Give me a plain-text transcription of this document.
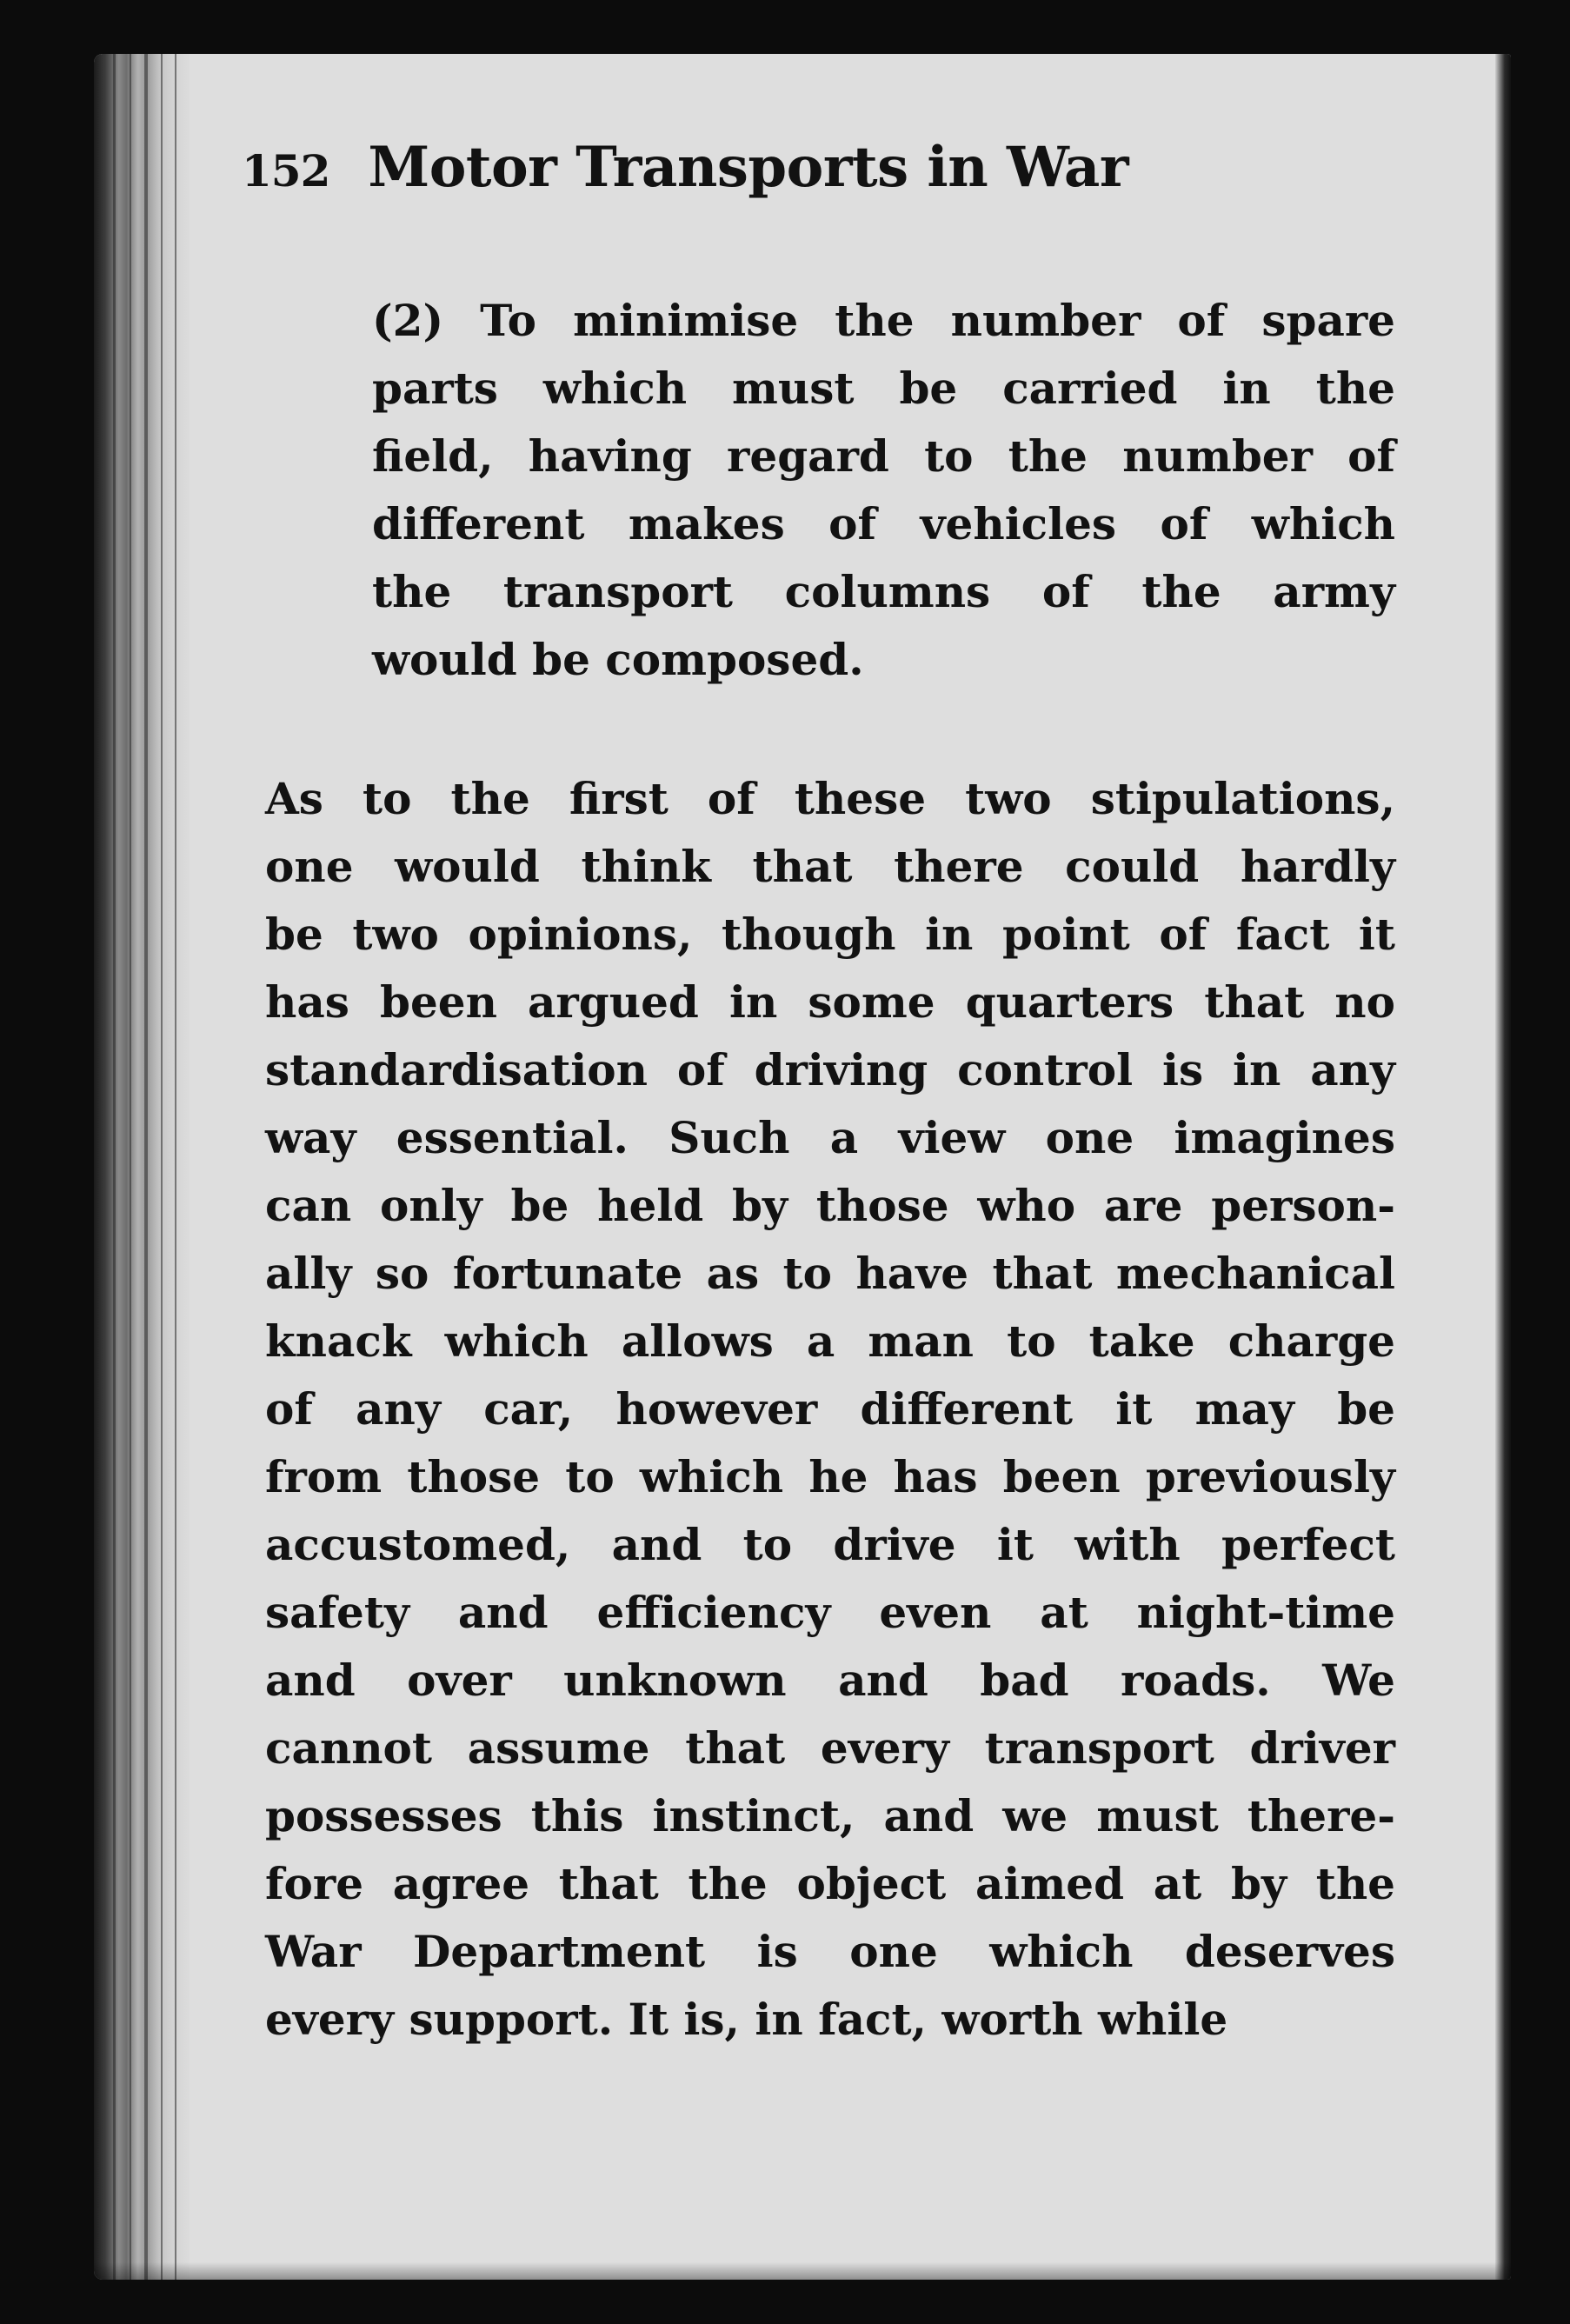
152 Motor Transports in War
(2) To minimise the number of spare
parts which must be carried in the
field, having regard to the number of
different makes of vehicles of which
the transport columns of the army
would be composed.
As to the first of these two stipulations,
one would think that there could hardly
be two opinions, though in point of fact it
has been argued in some quarters that no
standardisation of driving control is in any
way essential. Such a view one imagines
can only be held by those who are person-
ally so fortunate as to have that mechanical
knack which allows a man to take charge
of any car, however different it may be
from those to which he has been previously
accustomed, and to drive it with perfect
safety and efficiency even at night-time
and over unknown and bad roads. We
cannot assume that every transport driver
possesses this instinct, and we must there-
fore agree that the object aimed at by the
War Department is one which deserves
every support. It is, in fact, worth while
